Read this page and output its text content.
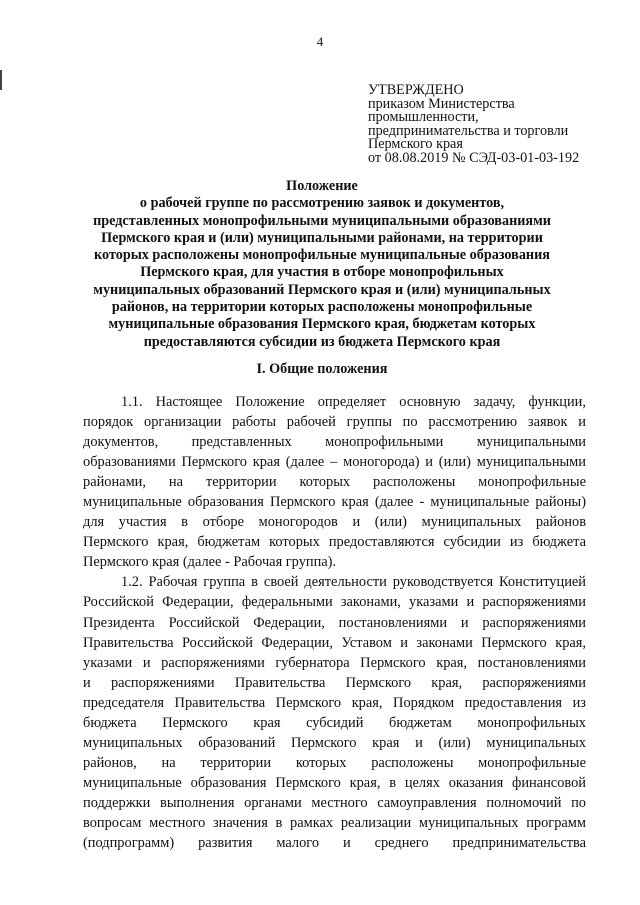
4
УТВЕРЖДЕНО
приказом Министерства
промышленности,
предпринимательства и торговли
Пермского края
от 08.08.2019 № СЭД-03-01-03-192
Положение
о рабочей группе по рассмотрению заявок и документов,
представленных монопрофильными муниципальными образованиями
Пермского края и (или) муниципальными районами, на территории
которых расположены монопрофильные муниципальные образования
Пермского края, для участия в отборе монопрофильных
муниципальных образований Пермского края и (или) муниципальных
районов, на территории которых расположены монопрофильные
муниципальные образования Пермского края, бюджетам которых
предоставляются субсидии из бюджета Пермского края
I. Общие положения
1.1. Настоящее Положение определяет основную задачу, функции,
порядок организации работы рабочей группы по рассмотрению заявок и
документов, представленных монопрофильными муниципальными
образованиями Пермского края (далее – моногорода) и (или) муниципальными
районами, на территории которых расположены монопрофильные
муниципальные образования Пермского края (далее - муниципальные районы)
для участия в отборе моногородов и (или) муниципальных районов
Пермского края, бюджетам которых предоставляются субсидии из бюджета
Пермского края (далее - Рабочая группа).
1.2. Рабочая группа в своей деятельности руководствуется Конституцией
Российской Федерации, федеральными законами, указами и распоряжениями
Президента Российской Федерации, постановлениями и распоряжениями
Правительства Российской Федерации, Уставом и законами Пермского края,
указами и распоряжениями губернатора Пермского края, постановлениями
и распоряжениями Правительства Пермского края, распоряжениями
председателя Правительства Пермского края, Порядком предоставления из
бюджета Пермского края субсидий бюджетам монопрофильных
муниципальных образований Пермского края и (или) муниципальных
районов, на территории которых расположены монопрофильные
муниципальные образования Пермского края, в целях оказания финансовой
поддержки выполнения органами местного самоуправления полномочий по
вопросам местного значения в рамках реализации муниципальных программ
(подпрограмм) развития малого и среднего предпринимательства
